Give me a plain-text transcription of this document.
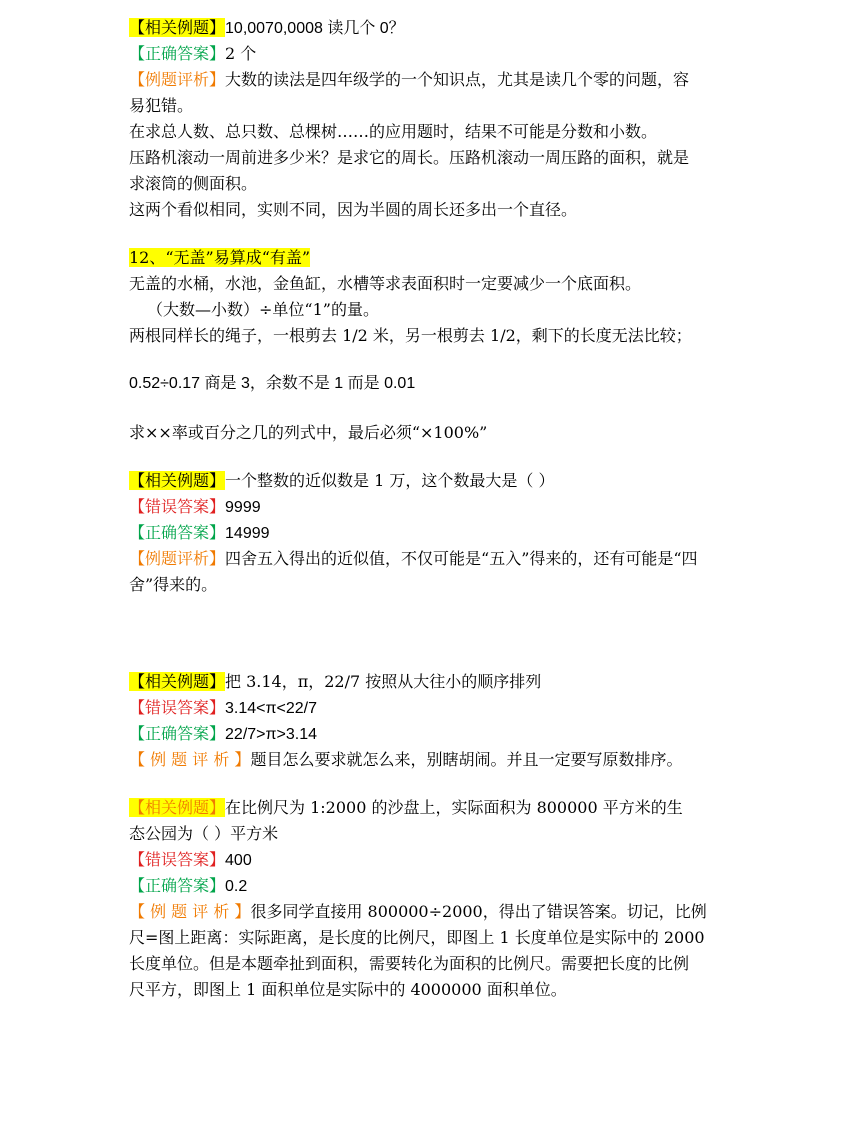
【相关例题】10,0070,0008 读几个 0？
【正确答案】2 个
【例题评析】大数的读法是四年级学的一个知识点，尤其是读几个零的问题，容
易犯错。
在求总人数、总只数、总棵树……的应用题时，结果不可能是分数和小数。
压路机滚动一周前进多少米？是求它的周长。压路机滚动一周压路的面积，就是
求滚筒的侧面积。
这两个看似相同，实则不同，因为半圆的周长还多出一个直径。
12、“无盖”易算成“有盖”
无盖的水桶，水池，金鱼缸，水槽等求表面积时一定要减少一个底面积。
（大数—小数）÷单位“1”的量。
两根同样长的绳子，一根剪去 1/2 米，另一根剪去 1/2，剩下的长度无法比较；
0.52÷0.17 商是 3，余数不是 1 而是 0.01
求××率或百分之几的列式中，最后必须“×100%”
【相关例题】一个整数的近似数是 1 万，这个数最大是（ ）
【错误答案】9999
【正确答案】14999
【例题评析】四舍五入得出的近似值，不仅可能是“五入”得来的，还有可能是“四
舍”得来的。
【相关例题】把 3.14，π，22/7 按照从大往小的顺序排列
【错误答案】3.14<π<22/7
【正确答案】22/7>π>3.14
【 例 题 评 析 】题目怎么要求就怎么来，别瞎胡闹。并且一定要写原数排序。
【相关例题】在比例尺为 1:2000 的沙盘上，实际面积为 800000 平方米的生
态公园为（ ）平方米
【错误答案】400
【正确答案】0.2
【 例 题 评 析 】很多同学直接用 800000÷2000，得出了错误答案。切记，比例
尺=图上距离：实际距离，是长度的比例尺，即图上 1 长度单位是实际中的 2000
长度单位。但是本题牵扯到面积，需要转化为面积的比例尺。需要把长度的比例
尺平方，即图上 1 面积单位是实际中的 4000000 面积单位。
